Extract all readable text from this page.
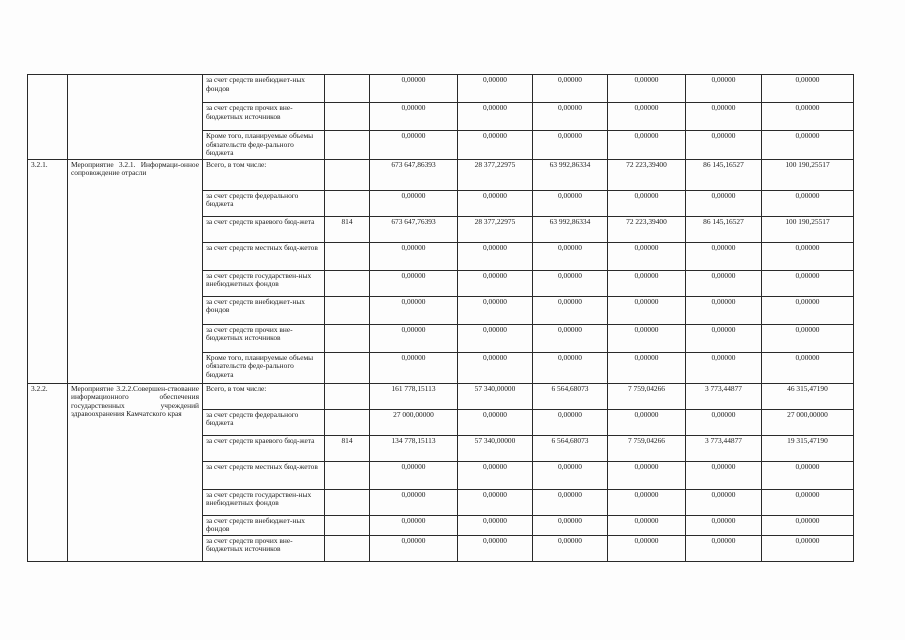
		за счет средств внебюджет-ных фондов		0,00000	0,00000	0,00000	0,00000	0,00000	0,00000
		за счет средств прочих вне-бюджетных источников		0,00000	0,00000	0,00000	0,00000	0,00000	0,00000
		Кроме того, планируемые объемы обязательств феде-рального бюджета		0,00000	0,00000	0,00000	0,00000	0,00000	0,00000
3.2.1.	Мероприятие 3.2.1. Информаци-онное сопровождение отрасли	Всего, в том числе:		673 647,86393	28 377,22975	63 992,86334	72 223,39400	86 145,16527	100 190,25517
		за счет средств федерального бюджета		0,00000	0,00000	0,00000	0,00000	0,00000	0,00000
		за счет средств краевого бюд-жета	814	673 647,76393	28 377,22975	63 992,86334	72 223,39400	86 145,16527	100 190,25517
		за счет средств местных бюд-жетов		0,00000	0,00000	0,00000	0,00000	0,00000	0,00000
		за счет средств государствен-ных внебюджетных фондов		0,00000	0,00000	0,00000	0,00000	0,00000	0,00000
		за счет средств внебюджет-ных фондов		0,00000	0,00000	0,00000	0,00000	0,00000	0,00000
		за счет средств прочих вне-бюджетных источников		0,00000	0,00000	0,00000	0,00000	0,00000	0,00000
		Кроме того, планируемые объемы обязательств феде-рального бюджета		0,00000	0,00000	0,00000	0,00000	0,00000	0,00000
3.2.2.	Мероприятие 3.2.2.Совершен-ствование информационного обеспечения государственных учреждений здравоохранения Камчатского края	Всего, в том числе:		161 778,15113	57 340,00000	6 564,68073	7 759,04266	3 773,44877	46 315,47190
		за счет средств федерального бюджета		27 000,00000	0,00000	0,00000	0,00000	0,00000	27 000,00000
		за счет средств краевого бюд-жета	814	134 778,15113	57 340,00000	6 564,68073	7 759,04266	3 773,44877	19 315,47190
		за счет средств местных бюд-жетов		0,00000	0,00000	0,00000	0,00000	0,00000	0,00000
		за счет средств государствен-ных внебюджетных фондов		0,00000	0,00000	0,00000	0,00000	0,00000	0,00000
		за счет средств внебюджет-ных фондов		0,00000	0,00000	0,00000	0,00000	0,00000	0,00000
		за счет средств прочих вне-бюджетных источников		0,00000	0,00000	0,00000	0,00000	0,00000	0,00000
